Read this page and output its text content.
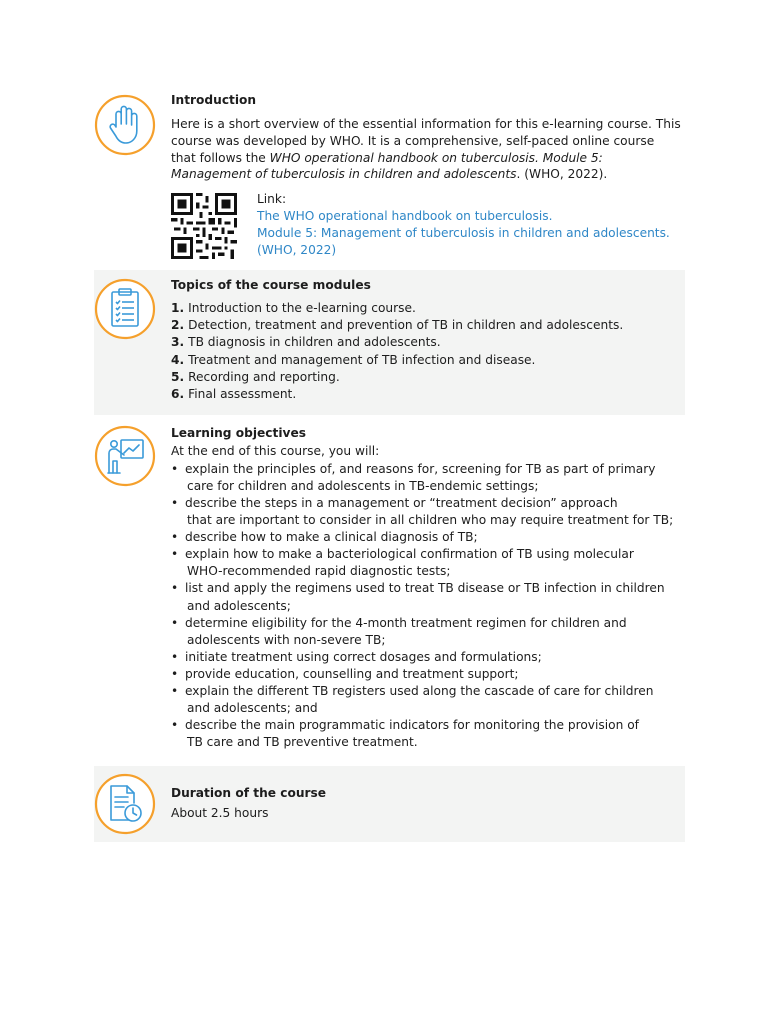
Introduction

Here is a short overview of the essential information for this e-learning course. This course was developed by WHO. It is a comprehensive, self-paced online course that follows the WHO operational handbook on tuberculosis. Module 5: Management of tuberculosis in children and adolescents. (WHO, 2022).

Link:
The WHO operational handbook on tuberculosis.
Module 5: Management of tuberculosis in children and adolescents.
(WHO, 2022)

Topics of the course modules

1. Introduction to the e-learning course.
2. Detection, treatment and prevention of TB in children and adolescents.
3. TB diagnosis in children and adolescents.
4. Treatment and management of TB infection and disease.
5. Recording and reporting.
6. Final assessment.

Learning objectives

At the end of this course, you will:

• explain the principles of, and reasons for, screening for TB as part of primary
care for children and adolescents in TB-endemic settings;
• describe the steps in a management or “treatment decision” approach
that are important to consider in all children who may require treatment for TB;
• describe how to make a clinical diagnosis of TB;
• explain how to make a bacteriological confirmation of TB using molecular
WHO-recommended rapid diagnostic tests;
• list and apply the regimens used to treat TB disease or TB infection in children
and adolescents;
• determine eligibility for the 4-month treatment regimen for children and
adolescents with non-severe TB;
• initiate treatment using correct dosages and formulations;
• provide education, counselling and treatment support;
• explain the different TB registers used along the cascade of care for children
and adolescents; and
• describe the main programmatic indicators for monitoring the provision of
TB care and TB preventive treatment.

Duration of the course

About 2.5 hours
